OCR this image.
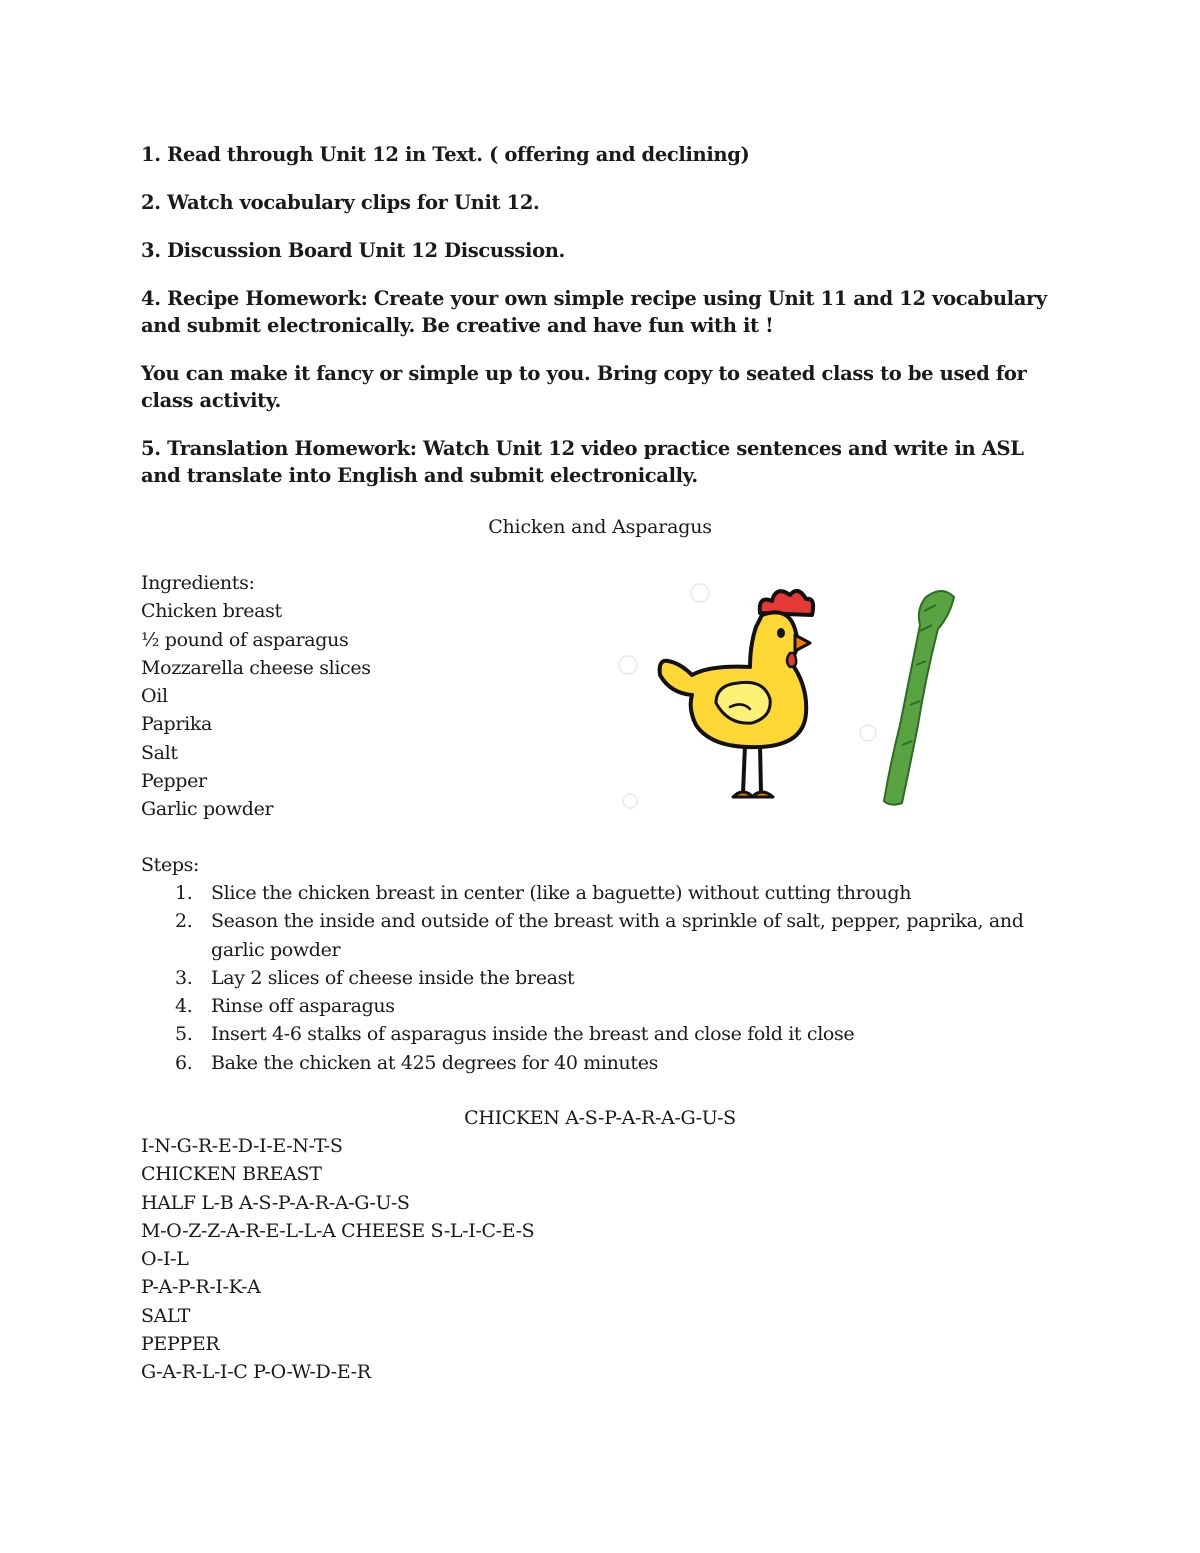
1. Read through Unit 12 in Text. ( offering and declining)

2. Watch vocabulary clips for Unit 12.

3. Discussion Board Unit 12 Discussion.

4. Recipe Homework: Create your own simple recipe using Unit 11 and 12 vocabulary and submit electronically. Be creative and have fun with it !

You can make it fancy or simple up to you. Bring copy to seated class to be used for class activity.

5. Translation Homework: Watch Unit 12 video practice sentences and write in ASL and translate into English and submit electronically.

Chicken and Asparagus
Ingredients:
Chicken breast
½ pound of asparagus
Mozzarella cheese slices
Oil
Paprika
Salt
Pepper
Garlic powder
Steps:
1. Slice the chicken breast in center (like a baguette) without cutting through
2. Season the inside and outside of the breast with a sprinkle of salt, pepper, paprika, and garlic powder
3. Lay 2 slices of cheese inside the breast
4. Rinse off asparagus
5. Insert 4-6 stalks of asparagus inside the breast and close fold it close
6. Bake the chicken at 425 degrees for 40 minutes
CHICKEN A-S-P-A-R-A-G-U-S
I-N-G-R-E-D-I-E-N-T-S
CHICKEN BREAST
HALF L-B A-S-P-A-R-A-G-U-S
M-O-Z-Z-A-R-E-L-L-A CHEESE S-L-I-C-E-S
O-I-L
P-A-P-R-I-K-A
SALT
PEPPER
G-A-R-L-I-C P-O-W-D-E-R
